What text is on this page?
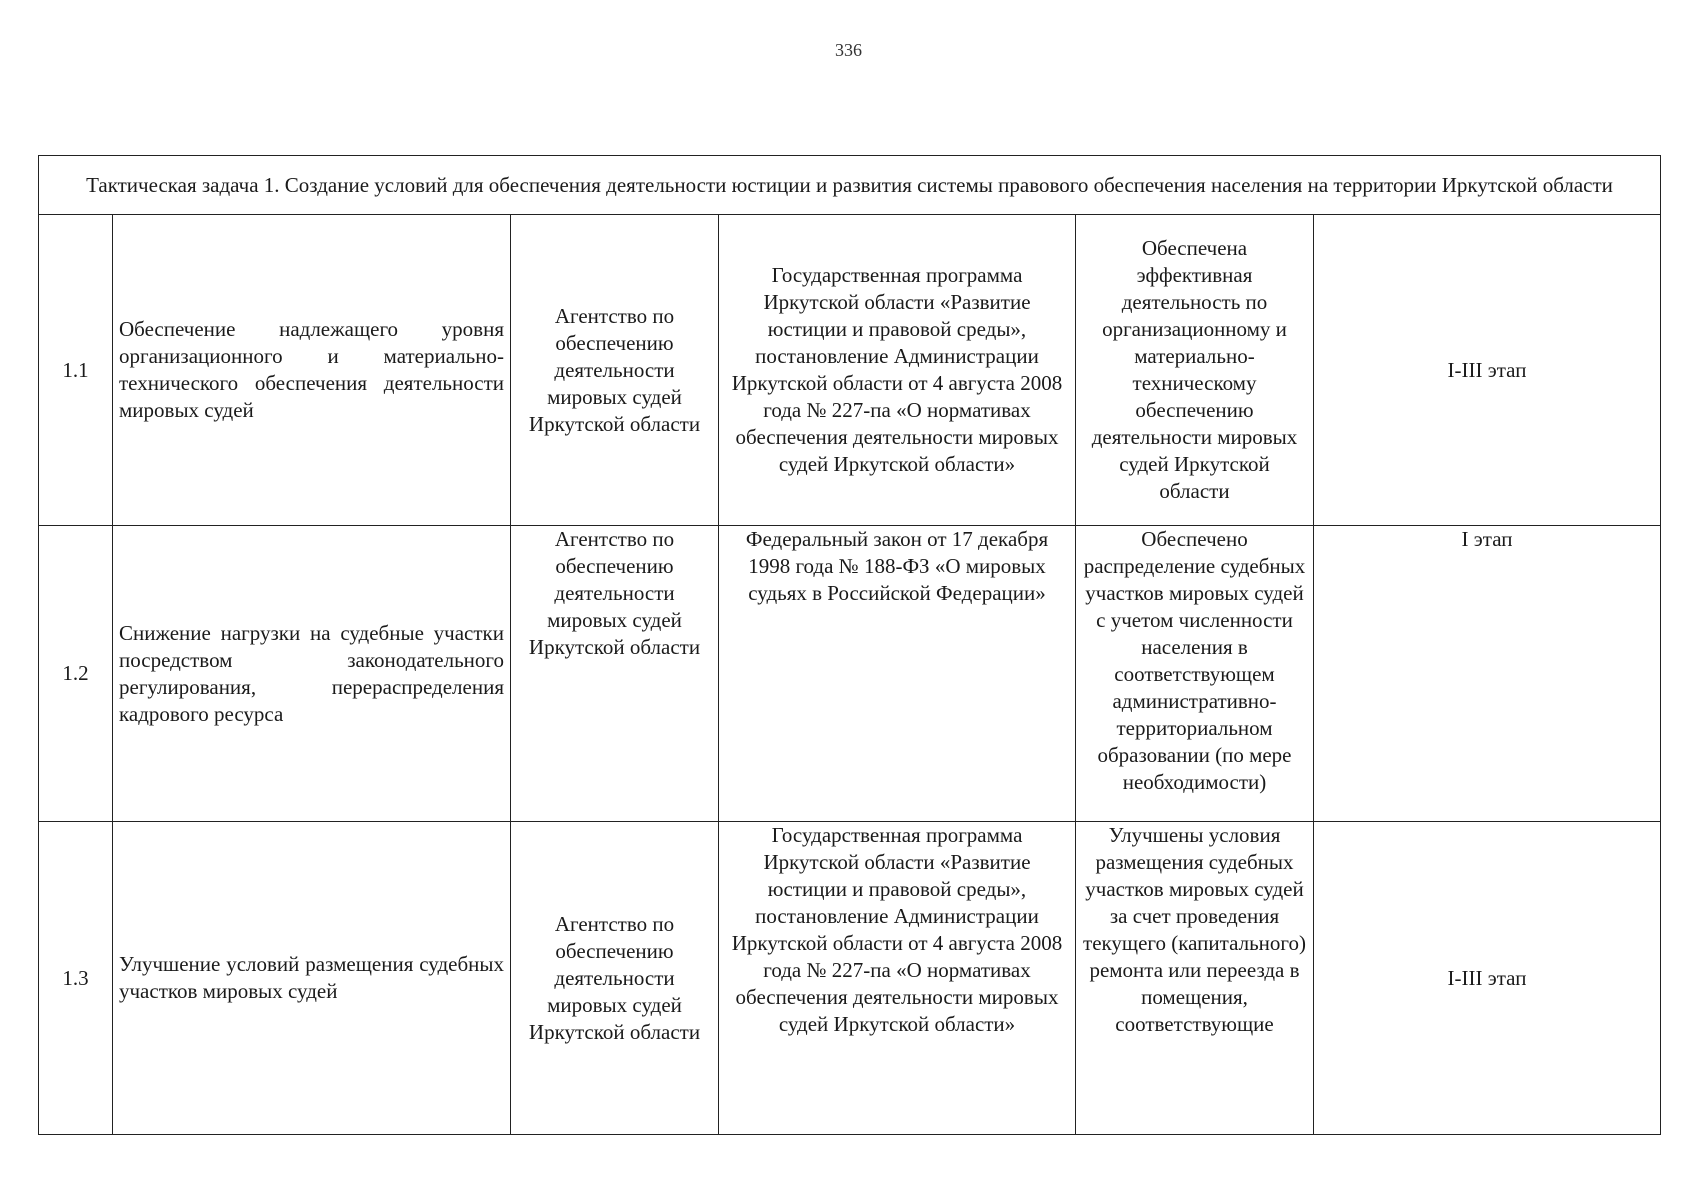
336
Тактическая задача 1. Создание условий для обеспечения деятельности юстиции и развития системы правового обеспечения населения на территории Иркутской области					
1.1	Обеспечение надлежащего уровня организационного и материально-технического обеспечения деятельности мировых судей	Агентство по обеспечению деятельности мировых судей Иркутской области	Государственная программа Иркутской области «Развитие юстиции и правовой среды», постановление Администрации Иркутской области от 4 августа 2008 года № 227-па «О нормативах обеспечения деятельности мировых судей Иркутской области»	Обеспечена эффективная деятельность по организационному и материально-техническому обеспечению деятельности мировых судей Иркутской области	I-III этап
1.2	Снижение нагрузки на судебные участки посредством законодательного регулирования, перераспределения кадрового ресурса	Агентство по обеспечению деятельности мировых судей Иркутской области	Федеральный закон от 17 декабря 1998 года № 188-ФЗ «О мировых судьях в Российской Федерации»	Обеспечено распределение судебных участков мировых судей с учетом численности населения в соответствующем административно-территориальном образовании (по мере необходимости)	I этап
1.3	Улучшение условий размещения судебных участков мировых судей	Агентство по обеспечению деятельности мировых судей Иркутской области	Государственная программа Иркутской области «Развитие юстиции и правовой среды», постановление Администрации Иркутской области от 4 августа 2008 года № 227-па «О нормативах обеспечения деятельности мировых судей Иркутской области»	Улучшены условия размещения судебных участков мировых судей за счет проведения текущего (капитального) ремонта или переезда в помещения, соответствующие	I-III этап
